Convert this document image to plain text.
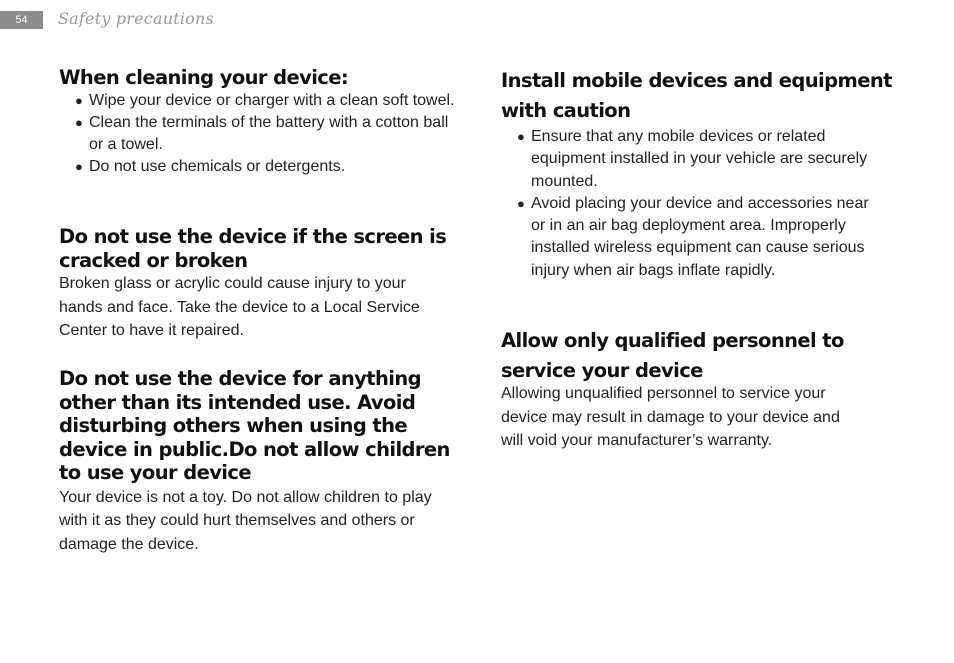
54	Safety precautions
When cleaning your device:
● Wipe your device or charger with a clean soft towel.
● Clean the terminals of the battery with a cotton ball or a towel.
● Do not use chemicals or detergents.
Do not use the device if the screen is cracked or broken

Broken glass or acrylic could cause injury to your hands and face. Take the device to a Local Service Center to have it repaired.

Do not use the device for anything other than its intended use. Avoid disturbing others when using the device in public.Do not allow children to use your device

Your device is not a toy. Do not allow children to play with it as they could hurt themselves and others or damage the device.

Install mobile devices and equipment with caution
● Ensure that any mobile devices or related equipment installed in your vehicle are securely mounted.
● Avoid placing your device and accessories near or in an air bag deployment area. Improperly installed wireless equipment can cause serious injury when air bags inflate rapidly.
Allow only qualified personnel to service your device

Allowing unqualified personnel to service your device may result in damage to your device and will void your manufacturer’s warranty.
